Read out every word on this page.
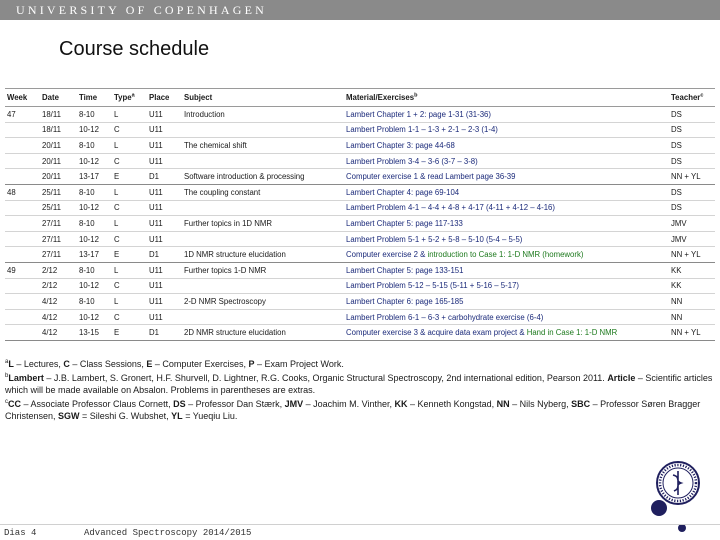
UNIVERSITY OF COPENHAGEN
Course schedule
Week	Date	Time	Type$^a$	Place	Subject	Material/Exercises$^b$	Teacher$^c$
47	18/11	8-10	L	U11	Introduction	Lambert Chapter 1 + 2: page 1-31 (31-36)	DS
	18/11	10-12	C	U11		Lambert Problem 1-1 – 1-3 + 2-1 – 2-3 (1-4)	DS
	20/11	8-10	L	U11	The chemical shift	Lambert Chapter 3: page 44-68	DS
	20/11	10-12	C	U11		Lambert Problem 3-4 – 3-6 (3-7 – 3-8)	DS
	20/11	13-17	E	D1	Software introduction & processing	Computer exercise 1 & read Lambert page 36-39	NN + YL
48	25/11	8-10	L	U11	The coupling constant	Lambert Chapter 4: page 69-104	DS
	25/11	10-12	C	U11		Lambert Problem 4-1 – 4-4 + 4-8 + 4-17 (4-11 + 4-12 – 4-16)	DS
	27/11	8-10	L	U11	Further topics in 1D NMR	Lambert Chapter 5: page 117-133	JMV
	27/11	10-12	C	U11		Lambert Problem 5-1 + 5-2 + 5-8 – 5-10 (5-4 – 5-5)	JMV
	27/11	13-17	E	D1	1D NMR structure elucidation	Computer exercise 2 & introduction to Case 1: 1-D NMR (homework)	NN + YL
49	2/12	8-10	L	U11	Further topics 1-D NMR	Lambert Chapter 5: page 133-151	KK
	2/12	10-12	C	U11		Lambert Problem 5-12 – 5-15 (5-11 + 5-16 – 5-17)	KK
	4/12	8-10	L	U11	2-D NMR Spectroscopy	Lambert Chapter 6: page 165-185	NN
	4/12	10-12	C	U11		Lambert Problem 6-1 – 6-3 + carbohydrate exercise (6-4)	NN
	4/12	13-15	E	D1	2D NMR structure elucidation	Computer exercise 3 & acquire data exam project & Hand in Case 1: 1-D NMR	NN + YL

$^a$L – Lectures, C – Class Sessions, E – Computer Exercises, P – Exam Project Work.

$^b$Lambert – J.B. Lambert, S. Gronert, H.F. Shurvell, D. Lightner, R.G. Cooks, Organic Structural Spectroscopy, 2nd international edition, Pearson 2011. Article – Scientific articles which will be made available on Absalon. Problems in parentheses are extras.

$^c$CC – Associate Professor Claus Cornett, DS – Professor Dan Stærk, JMV – Joachim M. Vinther, KK – Kenneth Kongstad, NN – Nils Nyberg, SBC – Professor Søren Bragger Christensen, SGW = Sileshi G. Wubshet, YL = Yueqiu Liu.

Dias 4	Advanced Spectroscopy 2014/2015
